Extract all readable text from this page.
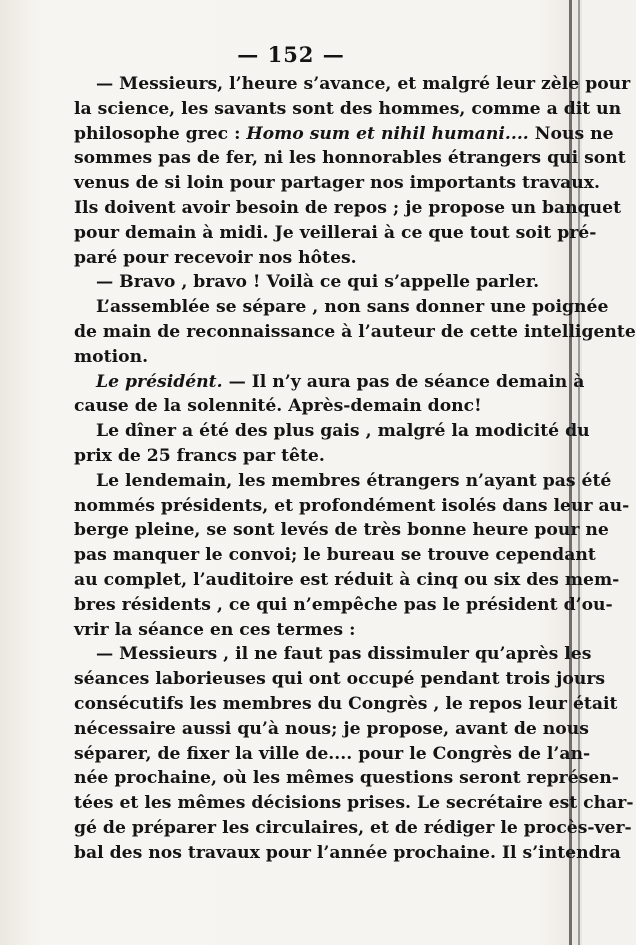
— 152 —
— Messieurs, l’heure s’avance, et malgré leur zèle pour
la science, les savants sont des hommes, comme a dit un
philosophe grec : Homo sum et nihil humani.... Nous ne
sommes pas de fer, ni les honnorables étrangers qui sont
venus de si loin pour partager nos importants travaux.
Ils doivent avoir besoin de repos ; je propose un banquet
pour demain à midi. Je veillerai à ce que tout soit pré-
paré pour recevoir nos hôtes.
— Bravo , bravo ! Voilà ce qui s’appelle parler.
L’assemblée se sépare , non sans donner une poignée
de main de reconnaissance à l’auteur de cette intelligente
motion.
Le présidént. — Il n’y aura pas de séance demain à
cause de la solennité. Après-demain donc!
Le dîner a été des plus gais , malgré la modicité du
prix de 25 francs par tête.
Le lendemain, les membres étrangers n’ayant pas été
nommés présidents, et profondément isolés dans leur au-
berge pleine, se sont levés de très bonne heure pour ne
pas manquer le convoi; le bureau se trouve cependant
au complet, l’auditoire est réduit à cinq ou six des mem-
bres résidents , ce qui n’empêche pas le président d’ou-
vrir la séance en ces termes :
— Messieurs , il ne faut pas dissimuler qu’après les
séances laborieuses qui ont occupé pendant trois jours
consécutifs les membres du Congrès , le repos leur était
nécessaire aussi qu’à nous; je propose, avant de nous
séparer, de fixer la ville de.... pour le Congrès de l’an-
née prochaine, où les mêmes questions seront représen-
tées et les mêmes décisions prises. Le secrétaire est char-
gé de préparer les circulaires, et de rédiger le procès-ver-
bal des nos travaux pour l’année prochaine. Il s’intendra
